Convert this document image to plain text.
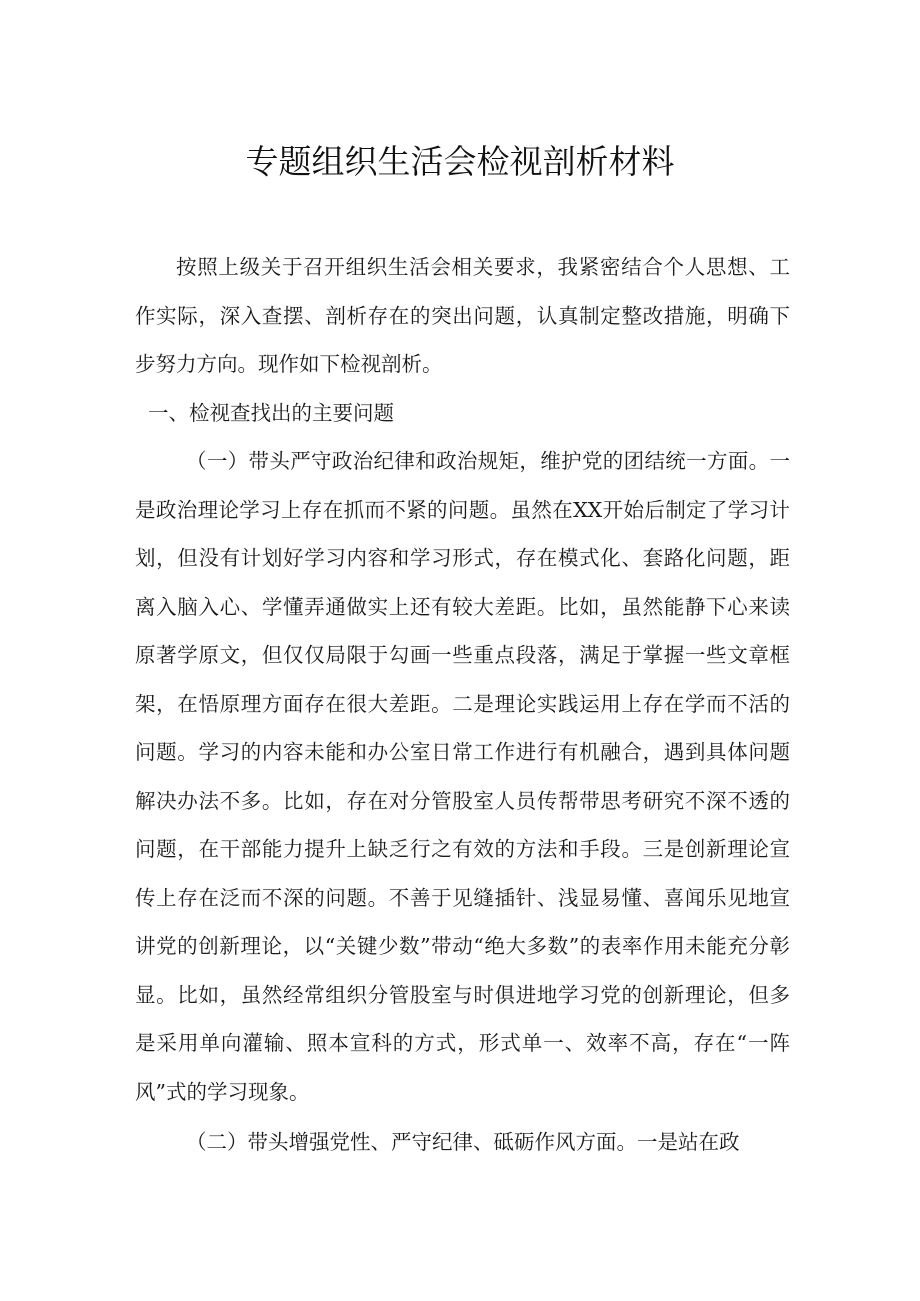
专题组织生活会检视剖析材料

按照上级关于召开组织生活会相关要求，我紧密结合个人思想、工作实际，深入查摆、剖析存在的突出问题，认真制定整改措施，明确下步努力方向。现作如下检视剖析。

一、检视查找出的主要问题

（一）带头严守政治纪律和政治规矩，维护党的团结统一方面。一是政治理论学习上存在抓而不紧的问题。虽然在XX开始后制定了学习计划，但没有计划好学习内容和学习形式，存在模式化、套路化问题，距离入脑入心、学懂弄通做实上还有较大差距。比如，虽然能静下心来读原著学原文，但仅仅局限于勾画一些重点段落，满足于掌握一些文章框架，在悟原理方面存在很大差距。二是理论实践运用上存在学而不活的问题。学习的内容未能和办公室日常工作进行有机融合，遇到具体问题解决办法不多。比如，存在对分管股室人员传帮带思考研究不深不透的问题，在干部能力提升上缺乏行之有效的方法和手段。三是创新理论宣传上存在泛而不深的问题。不善于见缝插针、浅显易懂、喜闻乐见地宣讲党的创新理论，以“关键少数”带动“绝大多数”的表率作用未能充分彰显。比如，虽然经常组织分管股室与时俱进地学习党的创新理论，但多是采用单向灌输、照本宣科的方式，形式单一、效率不高，存在“一阵风”式的学习现象。

（二）带头增强党性、严守纪律、砥砺作风方面。一是站在政
